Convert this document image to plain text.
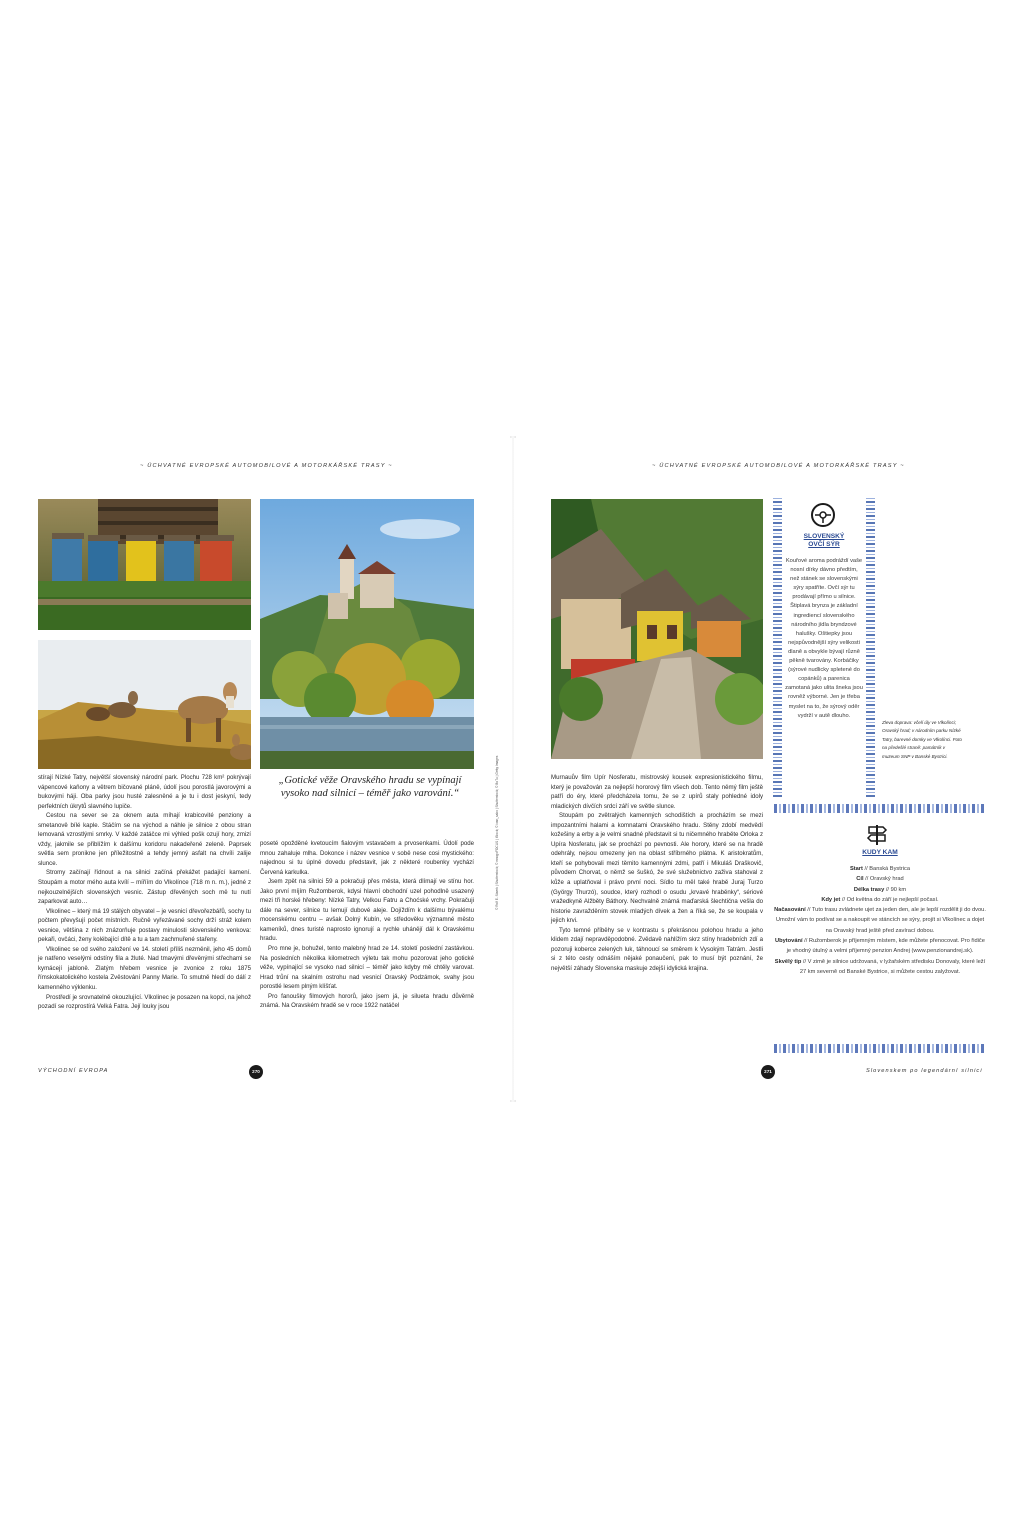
~ ÚCHVATNÉ EVROPSKÉ AUTOMOBILOVÉ A MOTORKÁŘSKÉ TRASY ~	~ ÚCHVATNÉ EVROPSKÉ AUTOMOBILOVÉ A MOTORKÁŘSKÉ TRASY ~
„Gotické věže Oravského hradu se vypínají vysoko nad silnicí – téměř jako varování.“

stírají Nízké Tatry, největší slovenský národní park. Plochu 728 km² pokrývají vápencové kaňony a větrem bičované pláně, údolí jsou porostlá javorovými a bukovými háji. Oba parky jsou husté zalesněné a je tu i dost jeskyní, tedy perfektních úkrytů slavného lupiče.

Cestou na sever se za oknem auta míhají krabicovité penziony a smetanově bílé kaple. Stáčím se na východ a náhle je silnice z obou stran lemovaná vzrostlými smrky. V každé zatáčce mi výhled pošk ozují hory, zmizí vždy, jakmile se přiblížím k dalšímu koridoru nakadeřené zeleně. Paprsek světla sem pronikne jen příležitostně a tehdy jemný asfalt na chvíli zalije slunce.

Stromy začínají řídnout a na silnici začíná překážet padající kamení. Stoupám a motor mého auta kvílí – míříím do Vlkolínce (718 m n. m.), jedné z nejkouzelnějších slovenských vesnic. Zástup dřevěných soch mě tu nutí zaparkovat auto…

Vlkolinec – který má 19 stálých obyvatel – je vesnicí dřevořezbářů, sochy tu počtem převyšují počet místních. Ručně vyřezávané sochy drží stráž kolem vesnice, většina z nich znázorňuje postavy minulosti slovenského venkova: pekaři, ovčáci, ženy kolébající dítě a tu a tam zachmuřené stařeny.

Vlkolinec se od svého založení ve 14. století příliš nezměnil, jeho 45 domů je natřeno veselými odstíny fila a žluté. Nad tmavými dřevěnými střechami se kymácejí jabloně. Zlatým hřebem vesnice je zvonice z roku 1875 římskokatolického kostela Zvěstování Panny Marie. To smutně hledí do dálí z kamenného výklenku.

Prostředí je srovnatelně okouzlující. Vlkolinec je posazen na kopci, na jehož pozadí se rozprostírá Velká Fatra. Její louky jsou

poseté opožděné kvetoucím fialovým vstavačem a prvosenkami. Údolí pode mnou zahaluje mlha. Dokonce i název vesnice v sobě nese cosi mystického: najednou si tu úplně dovedu představit, jak z některé roubenky vychází Červená karkulka.

Jsem zpět na silnici 59 a pokračuji přes města, která dlímají ve stínu hor. Jako první míjím Ružomberok, kdysi hlavní obchodní uzel pohodlně usazený mezi tři horské hřebeny: Nízké Tatry, Velkou Fatru a Choćské vrchy. Pokračuji dále na sever, silnice tu lemují dubové aleje. Dojíždím k dalšímu bývalému mocenskému centru – avšak Dolný Kubín, ve středověku významné město kameníků, dnes turisté naprosto ignorují a rychle uhánějí dál k Oravskému hradu.

Pro mne je, bohužel, tento malebný hrad ze 14. století poslední zastávkou. Na posledních několika kilometrech výletu tak mohu pozorovat jeho gotické věže, vypínající se vysoko nad silnicí – téměř jako kdyby mě chtěly varovat. Hrad trůní na skalním ostrohu nad vesnicí Oravský Podzámok, svahy jsou porostlé lesem plným klíšťat.

Pro fanoušky filmových hororů, jako jsem já, je silueta hradu důvěrně známá. Na Oravském hradě se v roce 1922 natáčel

Murnauův film Upír Nosferatu, mistrovský kousek expresionistického filmu, který je považován za nejlepší hororový film všech dob. Tento němý film ještě patří do éry, které předcházela tomu, že se z upírů staly pohledné idoly mladických dívčích srdcí září ve světle slunce.

Stoupám po zvětralých kamenných schodištích a procházím se mezi impozantními halami a komnatami Oravského hradu. Stěny zdobí medvědí kožešiny a erby a je velmi snadné představit si tu ničemného hraběte Orloka z Upíra Nosferatu, jak se prochází po pevnosti. Ale horory, které se na hradě odehrály, nejsou omezeny jen na oblast stříbrného plátna. K aristokratům, kteří se pohybovali mezi těmito kamennými zdmi, patří i Mikuláš Draškovič, původem Chorvat, o němž se šuškó, že své služebnictvo zaživa stahoval z kůže a uplatňoval i právo první noci. Sídlo tu měl také hrabě Juraj Turzo (György Thurzó), soudce, který rozhodl o osudu „krvavé hraběnky“, sériové vražedkyně Alžběty Báthory. Nechvalně známá maďarská šlechtična vešla do historie zavražděním stovek mladých dívek a žen a říká se, že se koupala v jejich krvi.

Tyto temné příběhy se v kontrastu s překrásnou polohou hradu a jeho klidem zdají nepravděpodobné. Zvědavě nahlížím skrz stíny hradebních zdí a pozoruji koberce zelených luk, táhnoucí se směrem k Vysokým Tatrám. Jestli si z této cesty odnáším nějaké ponaučení, pak to musí být poznání, že největší záhady Slovenska maskuje zdejší idylická krajina.

© Rolf E. Staerk | Shutterstock; © mnogoFOCUS | iStock; © ivan_sabo | Shutterstock; © BoTu | Getty Images
SLOVENSKÝ
OVČÍ SÝR
Kouřové aroma podráždí vaše nosní dírky dávno předtím, než stánek se slovenskými sýry spatříte. Ovčí sýr tu prodávají přímo u silnice. Štiplavá brynza je základní ingrediencí slovenského národního jídla bryndzové halušky. Oštiepky jsou nejspůvodnější sýry velikosti dlaně a obvykle bývají různě pěkně tvarovány. Korbáčiky (sýrové nudlicky spletené do copánků) a parenica zamotaná jako ulita šneka jsou rovněž výborné. Jen je třeba myslet na to, že sýrový oděr vydrží v autě dlouho.
Zleva doprava: včelí úly ve Vlkolínci; Oravský hrad; v národním parku Nízké Tatry, barevné domky ve Vlkolínci. Foto na předešlé straně: památník v muzeum SNP v Banské Bystrici.
KUDY KAM
Start // Banská Bystrica
Cíl // Oravský hrad
Délka trasy // 90 km
Kdy jet // Od května do září je nejlepší počasí.
Načasování // Tuto trasu zvládnete ujet za jeden den, ale je lepší rozdělit ji do dvou. Umožní vám to podívat se a nakoupit ve stáncích se sýry, projít si Vlkolínec a dojet na Oravský hrad ještě před zavírací dobou.
Ubytování // Ružomberok je příjemným místem, kde můžete přenocovat. Pro řidiče je vhodný útulný a velmi příjemný penzion Andrej (www.penzionandrej.sk).
Skvělý tip // V zimě je silnice udržovaná, v lyžařském středisku Donovaly, které leží 27 km severně od Banské Bystrice, si můžete cestou zalyžovat.
VÝCHODNÍ EVROPA	270	271	Slovenskem po legendární silnici
